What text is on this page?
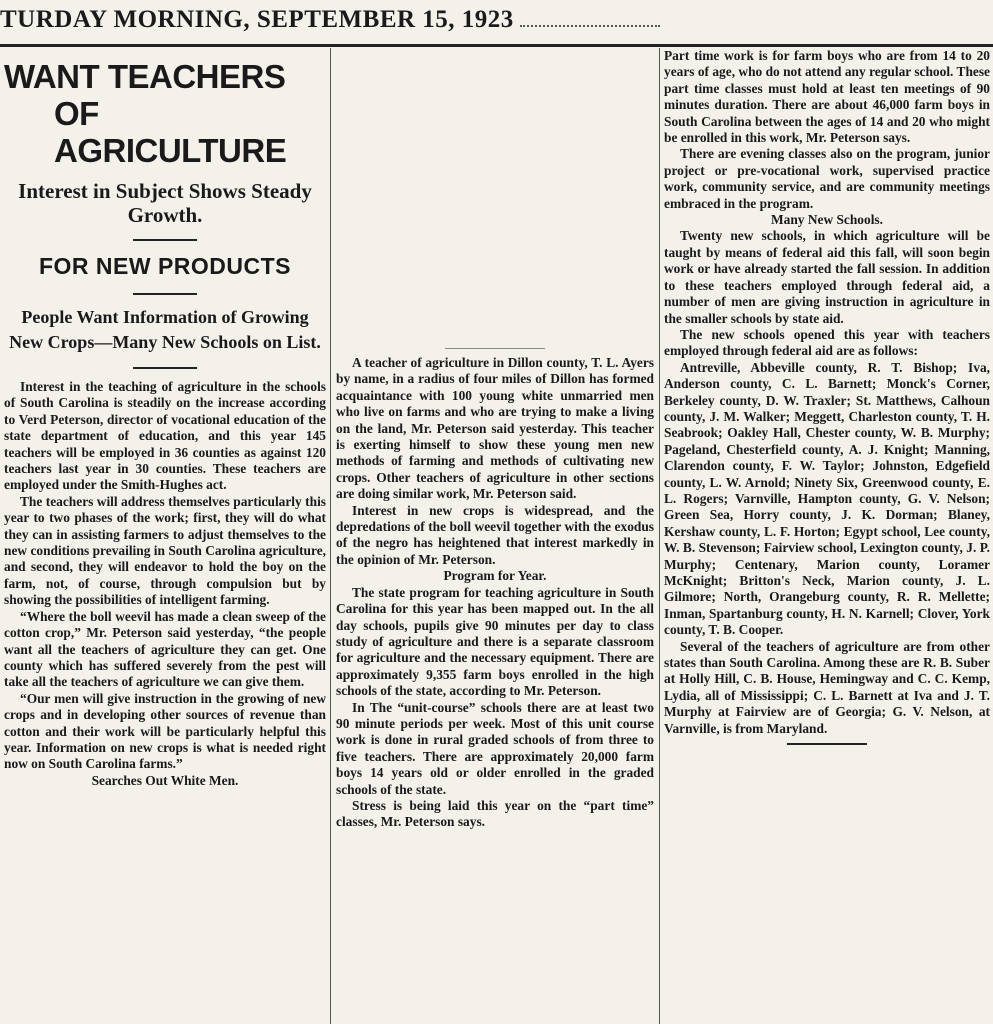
TURDAY MORNING, SEPTEMBER 15, 1923
WANT TEACHERS
OF AGRICULTURE
Interest in Subject Shows Steady Growth.
FOR NEW PRODUCTS
People Want Information of Growing New Crops—Many New Schools on List.

Interest in the teaching of agriculture in the schools of South Carolina is steadily on the increase according to Verd Peterson, director of vocational education of the state department of education, and this year 145 teachers will be employed in 36 counties as against 120 teachers last year in 30 counties. These teachers are employed under the Smith-Hughes act.

The teachers will address themselves particularly this year to two phases of the work; first, they will do what they can in assisting farmers to adjust themselves to the new conditions prevailing in South Carolina agriculture, and second, they will endeavor to hold the boy on the farm, not, of course, through compulsion but by showing the possibilities of intelligent farming.

“Where the boll weevil has made a clean sweep of the cotton crop,” Mr. Peterson said yesterday, “the people want all the teachers of agriculture they can get. One county which has suffered severely from the pest will take all the teachers of agriculture we can give them.

“Our men will give instruction in the growing of new crops and in developing other sources of revenue than cotton and their work will be particularly helpful this year. Information on new crops is what is needed right now on South Carolina farms.”

Searches Out White Men.

A teacher of agriculture in Dillon county, T. L. Ayers by name, in a radius of four miles of Dillon has formed acquaintance with 100 young white unmarried men who live on farms and who are trying to make a living on the land, Mr. Peterson said yesterday. This teacher is exerting himself to show these young men new methods of farming and methods of cultivating new crops. Other teachers of agriculture in other sections are doing similar work, Mr. Peterson said.

Interest in new crops is widespread, and the depredations of the boll weevil together with the exodus of the negro has heightened that interest markedly in the opinion of Mr. Peterson.

Program for Year.

The state program for teaching agriculture in South Carolina for this year has been mapped out. In the all day schools, pupils give 90 minutes per day to class study of agriculture and there is a separate classroom for agriculture and the necessary equipment. There are approximately 9,355 farm boys enrolled in the high schools of the state, according to Mr. Peterson.

In The “unit-course” schools there are at least two 90 minute periods per week. Most of this unit course work is done in rural graded schools of from three to five teachers. There are approximately 20,000 farm boys 14 years old or older enrolled in the graded schools of the state.

Stress is being laid this year on the “part time” classes, Mr. Peterson says.

Part time work is for farm boys who are from 14 to 20 years of age, who do not attend any regular school. These part time classes must hold at least ten meetings of 90 minutes duration. There are about 46,000 farm boys in South Carolina between the ages of 14 and 20 who might be enrolled in this work, Mr. Peterson says.

There are evening classes also on the program, junior project or pre-vocational work, supervised practice work, community service, and are community meetings embraced in the program.

Many New Schools.

Twenty new schools, in which agriculture will be taught by means of federal aid this fall, will soon begin work or have already started the fall session. In addition to these teachers employed through federal aid, a number of men are giving instruction in agriculture in the smaller schools by state aid.

The new schools opened this year with teachers employed through federal aid are as follows:

Antreville, Abbeville county, R. T. Bishop; Iva, Anderson county, C. L. Barnett; Monck's Corner, Berkeley county, D. W. Traxler; St. Matthews, Calhoun county, J. M. Walker; Meggett, Charleston county, T. H. Seabrook; Oakley Hall, Chester county, W. B. Murphy; Pageland, Chesterfield county, A. J. Knight; Manning, Clarendon county, F. W. Taylor; Johnston, Edgefield county, L. W. Arnold; Ninety Six, Greenwood county, E. L. Rogers; Varnville, Hampton county, G. V. Nelson; Green Sea, Horry county, J. K. Dorman; Blaney, Kershaw county, L. F. Horton; Egypt school, Lee county, W. B. Stevenson; Fairview school, Lexington county, J. P. Murphy; Centenary, Marion county, Loramer McKnight; Britton's Neck, Marion county, J. L. Gilmore; North, Orangeburg county, R. R. Mellette; Inman, Spartanburg county, H. N. Karnell; Clover, York county, T. B. Cooper.

Several of the teachers of agriculture are from other states than South Carolina. Among these are R. B. Suber at Holly Hill, C. B. House, Hemingway and C. C. Kemp, Lydia, all of Mississippi; C. L. Barnett at Iva and J. T. Murphy at Fairview are of Georgia; G. V. Nelson, at Varnville, is from Maryland.
